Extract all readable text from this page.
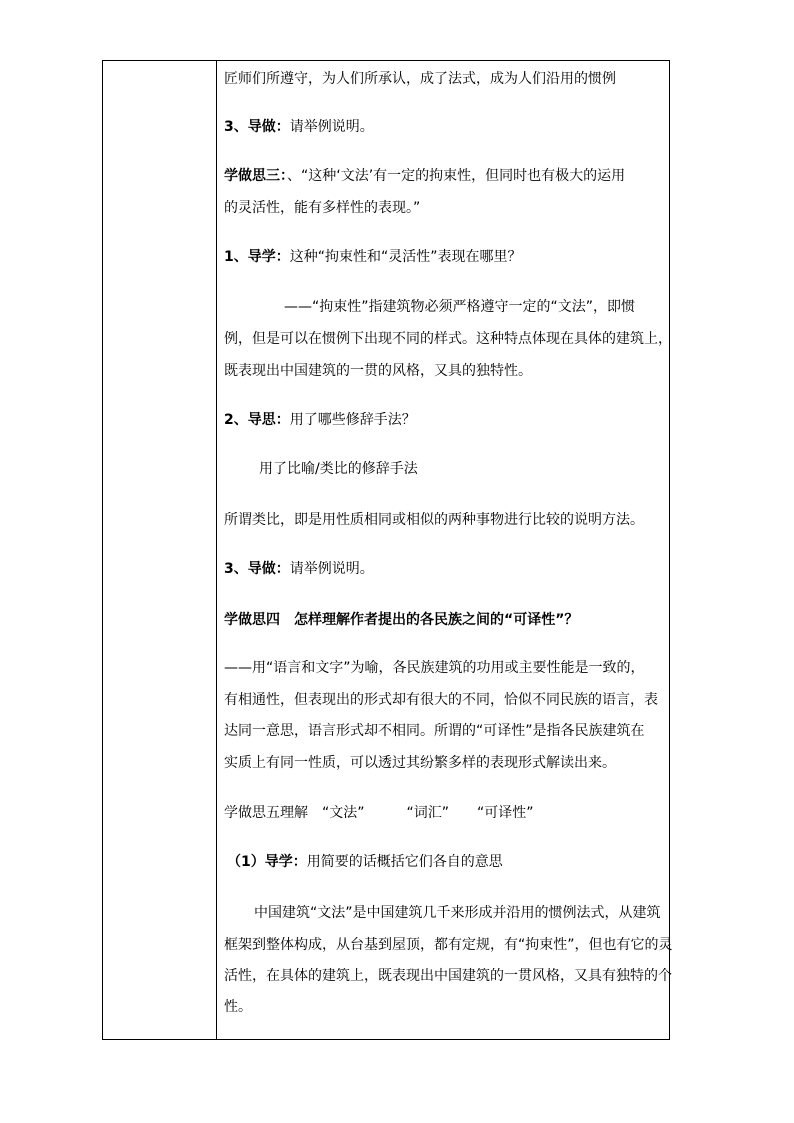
匠师们所遵守，为人们所承认，成了法式，成为人们沿用的惯例
3、导做：请举例说明。
学做思三：、“这种‘文法’有一定的拘束性，但同时也有极大的运用
的灵活性，能有多样性的表现。”
1、导学：这种“拘束性和“灵活性”表现在哪里？
——“拘束性”指建筑物必须严格遵守一定的“文法”，即惯
例，但是可以在惯例下出现不同的样式。这种特点体现在具体的建筑上，
既表现出中国建筑的一贯的风格，又具的独特性。
2、导思：用了哪些修辞手法？
用了比喻/类比的修辞手法
所谓类比，即是用性质相同或相似的两种事物进行比较的说明方法。
3、导做：请举例说明。
学做思四　怎样理解作者提出的各民族之间的“可译性”？
——用“语言和文字”为喻，各民族建筑的功用或主要性能是一致的，
有相通性，但表现出的形式却有很大的不同，恰似不同民族的语言，表
达同一意思，语言形式却不相同。所谓的“可译性”是指各民族建筑在
实质上有同一性质，可以透过其纷繁多样的表现形式解读出来。
学做思五理解　“文法”　　　“词汇”　　“可译性”
（1）导学：用简要的话概括它们各自的意思
中国建筑“文法”是中国建筑几千来形成并沿用的惯例法式，从建筑
框架到整体构成，从台基到屋顶，都有定规，有“拘束性”，但也有它的灵
活性，在具体的建筑上，既表现出中国建筑的一贯风格，又具有独特的个
性。
